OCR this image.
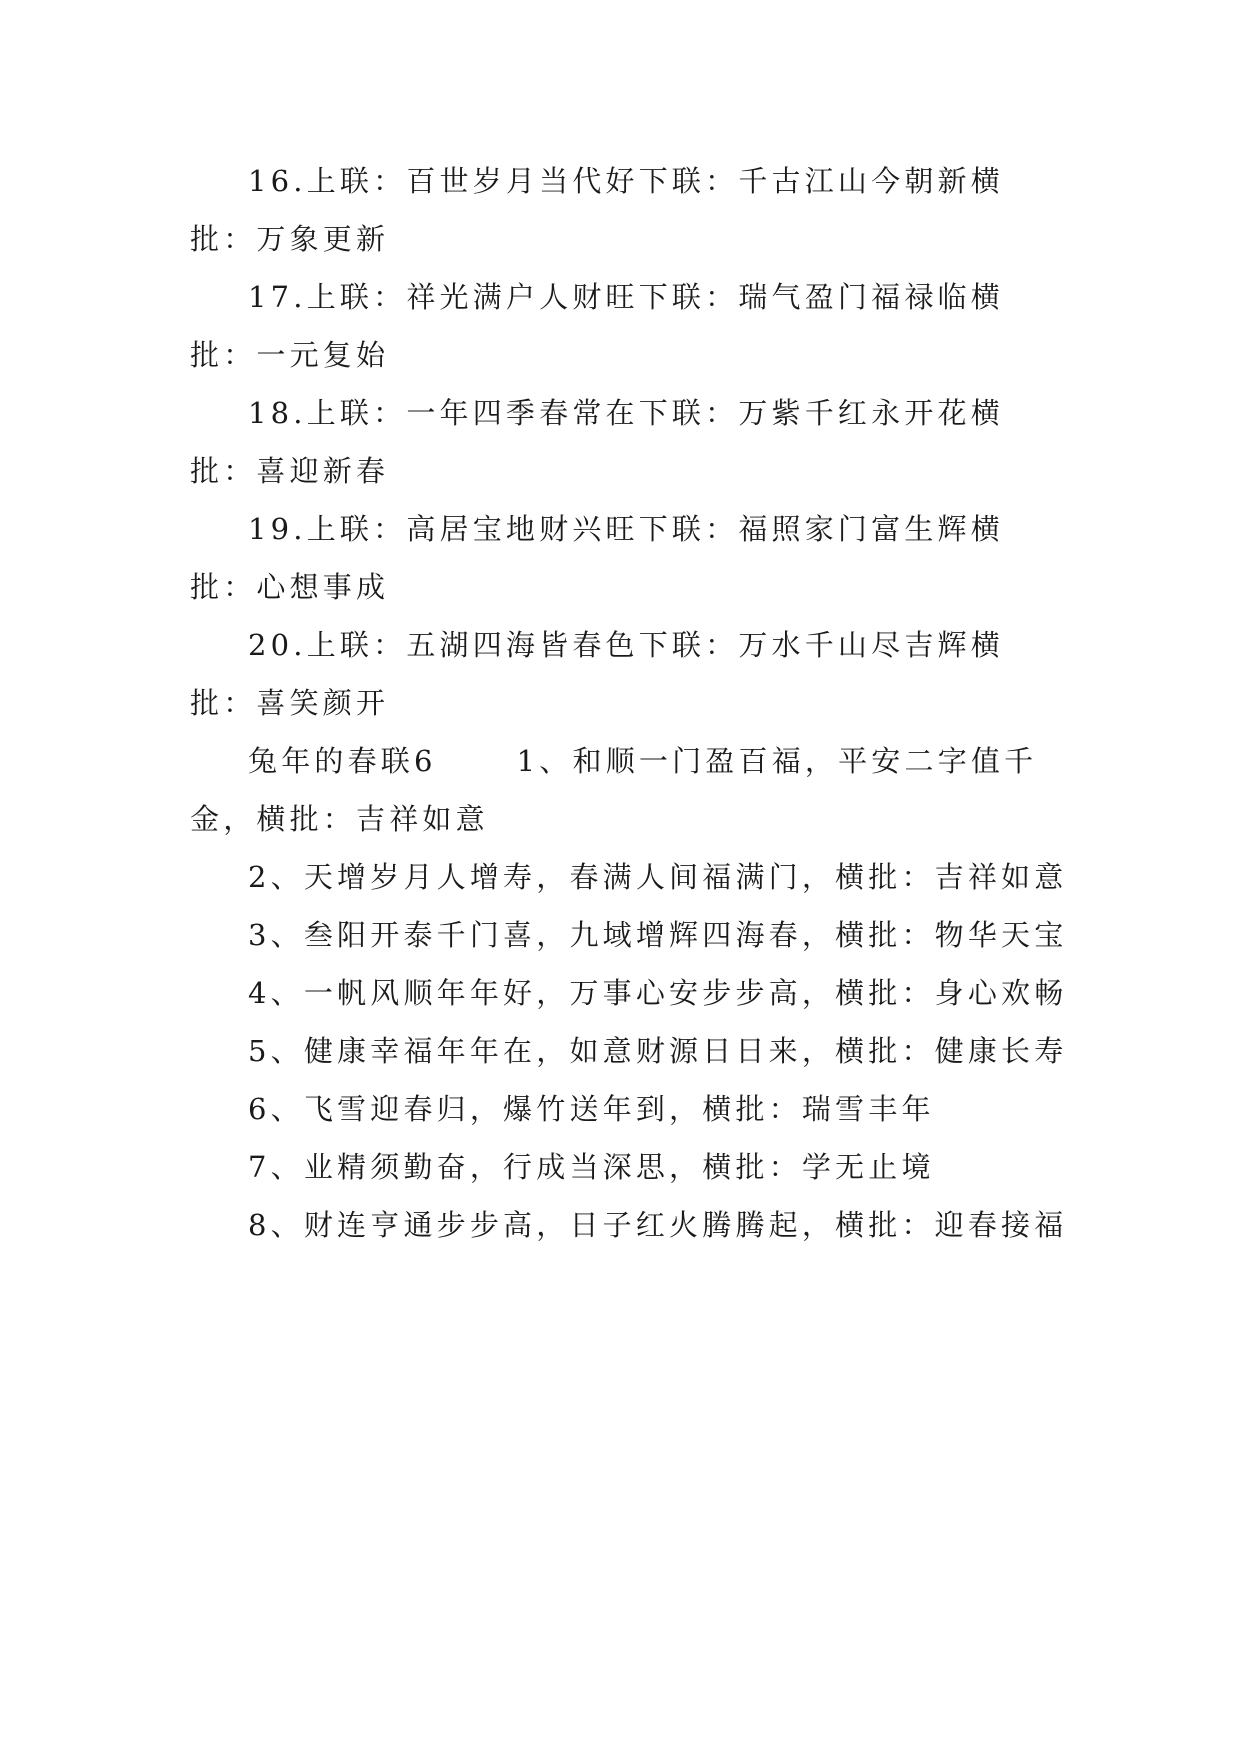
16.上联：百世岁月当代好下联：千古江山今朝新横批：万象更新

17.上联：祥光满户人财旺下联：瑞气盈门福禄临横批：一元复始

18.上联：一年四季春常在下联：万紫千红永开花横批：喜迎新春

19.上联：高居宝地财兴旺下联：福照家门富生辉横批：心想事成

20.上联：五湖四海皆春色下联：万水千山尽吉辉横批：喜笑颜开

兔年的春联6	1、和顺一门盈百福，平安二字值千金，横批：吉祥如意

2、天增岁月人增寿，春满人间福满门，横批：吉祥如意

3、叁阳开泰千门喜，九域增辉四海春，横批：物华天宝

4、一帆风顺年年好，万事心安步步高，横批：身心欢畅

5、健康幸福年年在，如意财源日日来，横批：健康长寿

6、飞雪迎春归，爆竹送年到，横批：瑞雪丰年

7、业精须勤奋，行成当深思，横批：学无止境

8、财连亨通步步高，日子红火腾腾起，横批：迎春接福
